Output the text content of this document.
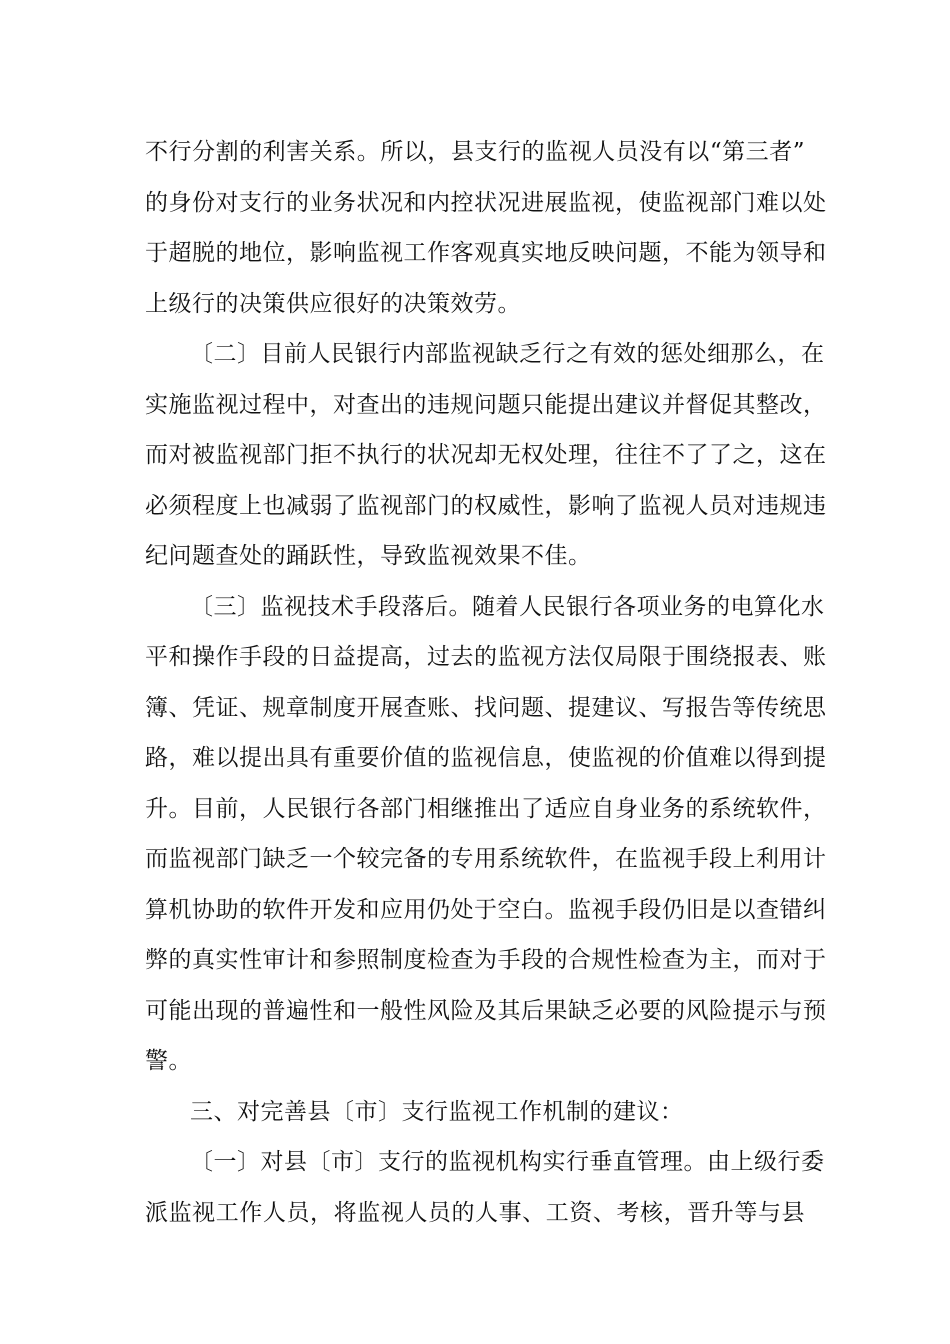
不行分割的利害关系。所以，县支行的监视人员没有以“第三者”
的身份对支行的业务状况和内控状况进展监视，使监视部门难以处
于超脱的地位，影响监视工作客观真实地反映问题，不能为领导和
上级行的决策供应很好的决策效劳。
〔二〕目前人民银行内部监视缺乏行之有效的惩处细那么，在
实施监视过程中，对查出的违规问题只能提出建议并督促其整改，
而对被监视部门拒不执行的状况却无权处理，往往不了了之，这在
必须程度上也减弱了监视部门的权威性，影响了监视人员对违规违
纪问题查处的踊跃性，导致监视效果不佳。
〔三〕监视技术手段落后。随着人民银行各项业务的电算化水
平和操作手段的日益提高，过去的监视方法仅局限于围绕报表、账
簿、凭证、规章制度开展查账、找问题、提建议、写报告等传统思
路，难以提出具有重要价值的监视信息，使监视的价值难以得到提
升。目前，人民银行各部门相继推出了适应自身业务的系统软件，
而监视部门缺乏一个较完备的专用系统软件，在监视手段上利用计
算机协助的软件开发和应用仍处于空白。监视手段仍旧是以查错纠
弊的真实性审计和参照制度检查为手段的合规性检查为主，而对于
可能出现的普遍性和一般性风险及其后果缺乏必要的风险提示与预
警。
三、对完善县〔市〕支行监视工作机制的建议：
〔一〕对县〔市〕支行的监视机构实行垂直管理。由上级行委
派监视工作人员，将监视人员的人事、工资、考核，晋升等与县
